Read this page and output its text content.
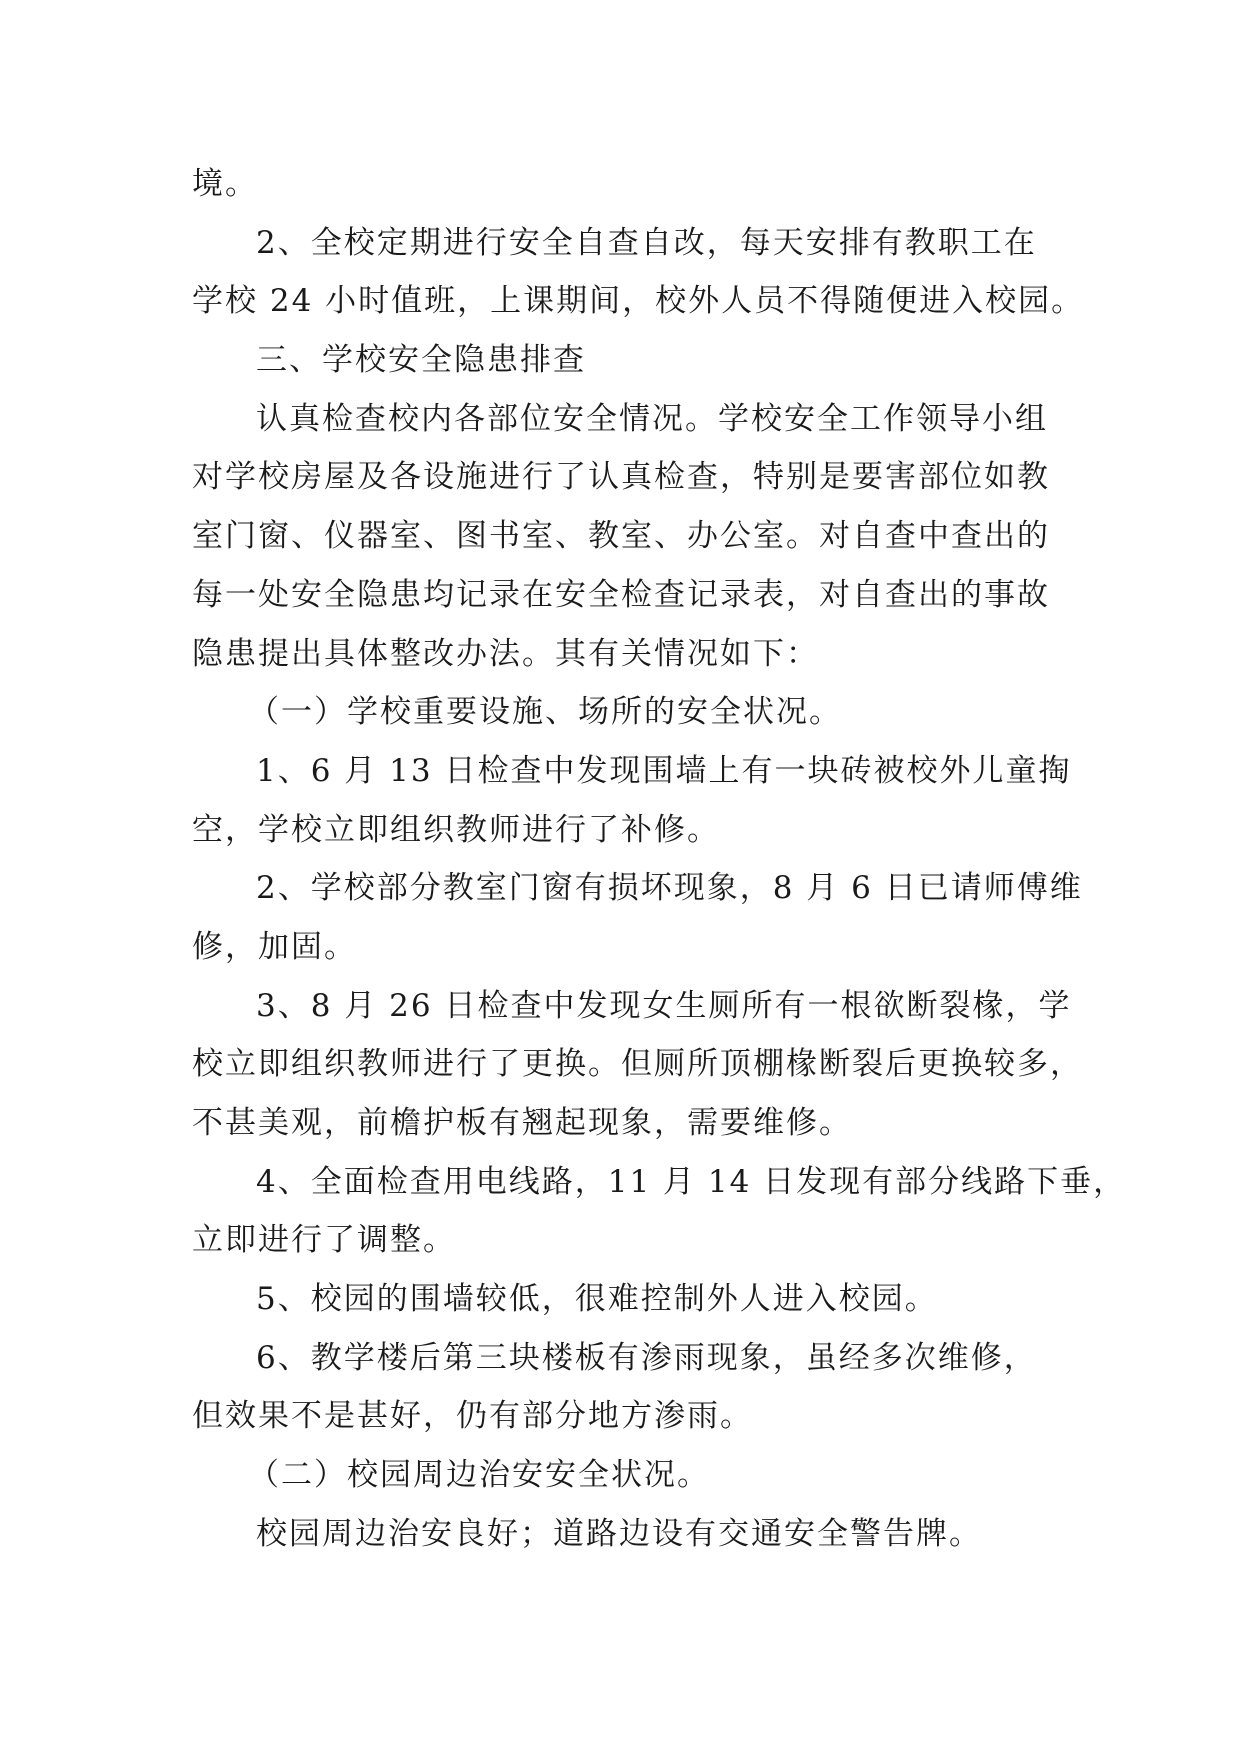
境。
2、全校定期进行安全自查自改，每天安排有教职工在
学校 24 小时值班，上课期间，校外人员不得随便进入校园。
三、学校安全隐患排查
认真检查校内各部位安全情况。学校安全工作领导小组
对学校房屋及各设施进行了认真检查，特别是要害部位如教
室门窗、仪器室、图书室、教室、办公室。对自查中查出的
每一处安全隐患均记录在安全检查记录表，对自查出的事故
隐患提出具体整改办法。其有关情况如下：
（一）学校重要设施、场所的安全状况。
1、6 月 13 日检查中发现围墙上有一块砖被校外儿童掏
空，学校立即组织教师进行了补修。
2、学校部分教室门窗有损坏现象，8 月 6 日已请师傅维
修，加固。
3、8 月 26 日检查中发现女生厕所有一根欲断裂椽，学
校立即组织教师进行了更换。但厕所顶棚椽断裂后更换较多，
不甚美观，前檐护板有翘起现象，需要维修。
4、全面检查用电线路，11 月 14 日发现有部分线路下垂，
立即进行了调整。
5、校园的围墙较低，很难控制外人进入校园。
6、教学楼后第三块楼板有渗雨现象，虽经多次维修，
但效果不是甚好，仍有部分地方渗雨。
（二）校园周边治安安全状况。
校园周边治安良好；道路边设有交通安全警告牌。
